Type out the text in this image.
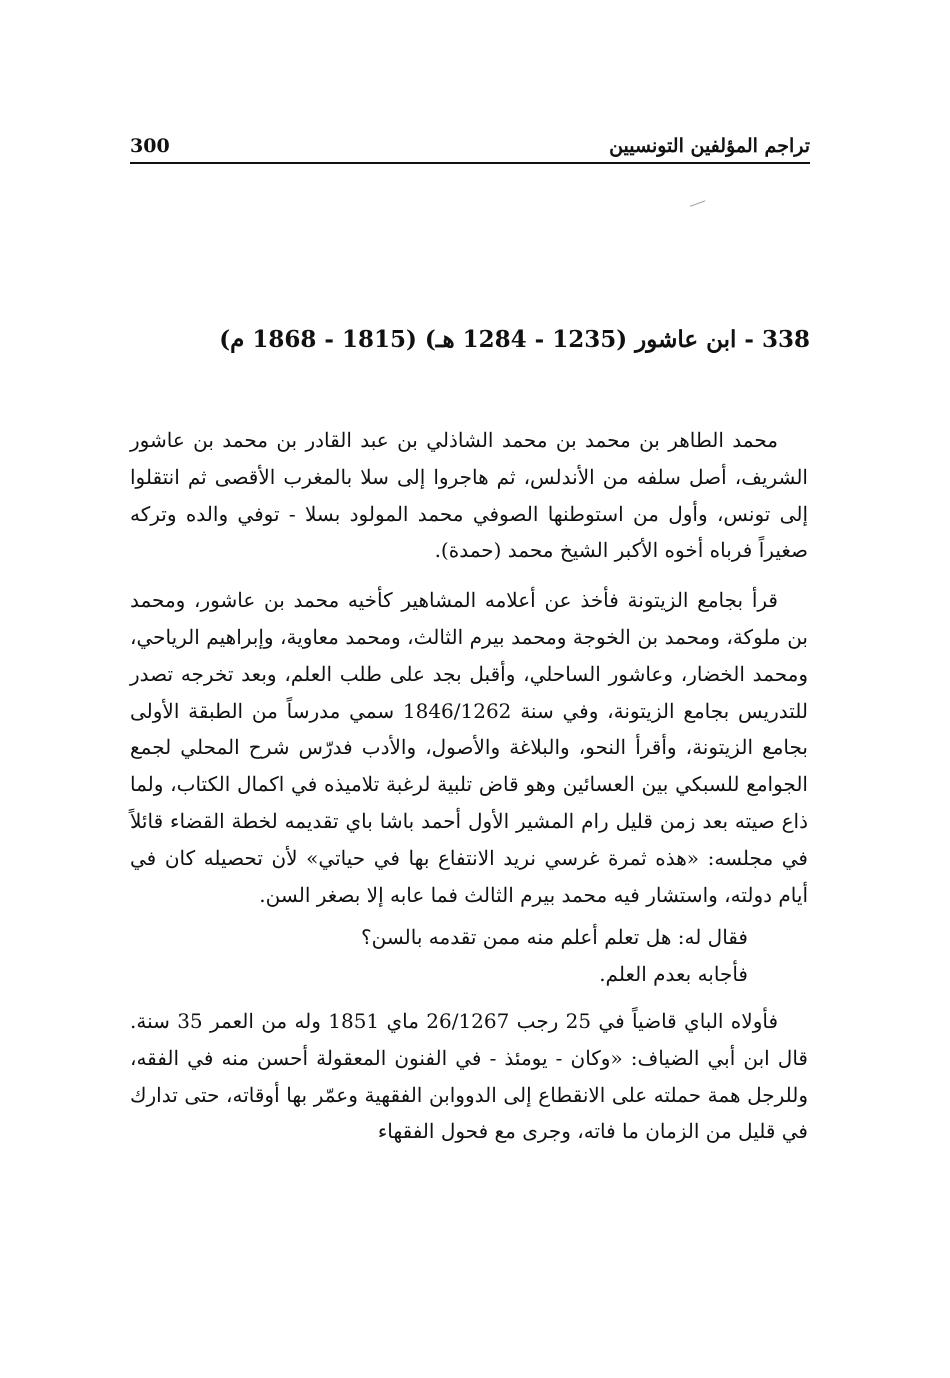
تراجم المؤلفين التونسيين
300
338 - ابن عاشور (1235 - 1284 هـ) (1815 - 1868 م)

محمد الطاهر بن محمد بن محمد الشاذلي بن عبد القادر بن محمد بن عاشور الشريف، أصل سلفه من الأندلس، ثم هاجروا إلى سلا بالمغرب الأقصى ثم انتقلوا إلى تونس، وأول من استوطنها الصوفي محمد المولود بسلا - توفي والده وتركه صغيراً فرباه أخوه الأكبر الشيخ محمد (حمدة).

قرأ بجامع الزيتونة فأخذ عن أعلامه المشاهير كأخيه محمد بن عاشور، ومحمد بن ملوكة، ومحمد بن الخوجة ومحمد بيرم الثالث، ومحمد معاوية، وإبراهيم الرياحي، ومحمد الخضار، وعاشور الساحلي، وأقبل بجد على طلب العلم، وبعد تخرجه تصدر للتدريس بجامع الزيتونة، وفي سنة 1846/1262 سمي مدرساً من الطبقة الأولى بجامع الزيتونة، وأقرأ النحو، والبلاغة والأصول، والأدب فدرّس شرح المحلي لجمع الجوامع للسبكي بين العسائين وهو قاض تلبية لرغبة تلاميذه في اكمال الكتاب، ولما ذاع صيته بعد زمن قليل رام المشير الأول أحمد باشا باي تقديمه لخطة القضاء قائلاً في مجلسه: «هذه ثمرة غرسي نريد الانتفاع بها في حياتي» لأن تحصيله كان في أيام دولته، واستشار فيه محمد بيرم الثالث فما عابه إلا بصغر السن.

فقال له: هل تعلم أعلم منه ممن تقدمه بالسن؟

فأجابه بعدم العلم.

فأولاه الباي قاضياً في 25 رجب 26/1267 ماي 1851 وله من العمر 35 سنة. قال ابن أبي الضياف: «وكان - يومئذ - في الفنون المعقولة أحسن منه في الفقه، وللرجل همة حملته على الانقطاع إلى الدووابن الفقهية وعمّر بها أوقاته، حتى تدارك في قليل من الزمان ما فاته، وجرى مع فحول الفقهاء
